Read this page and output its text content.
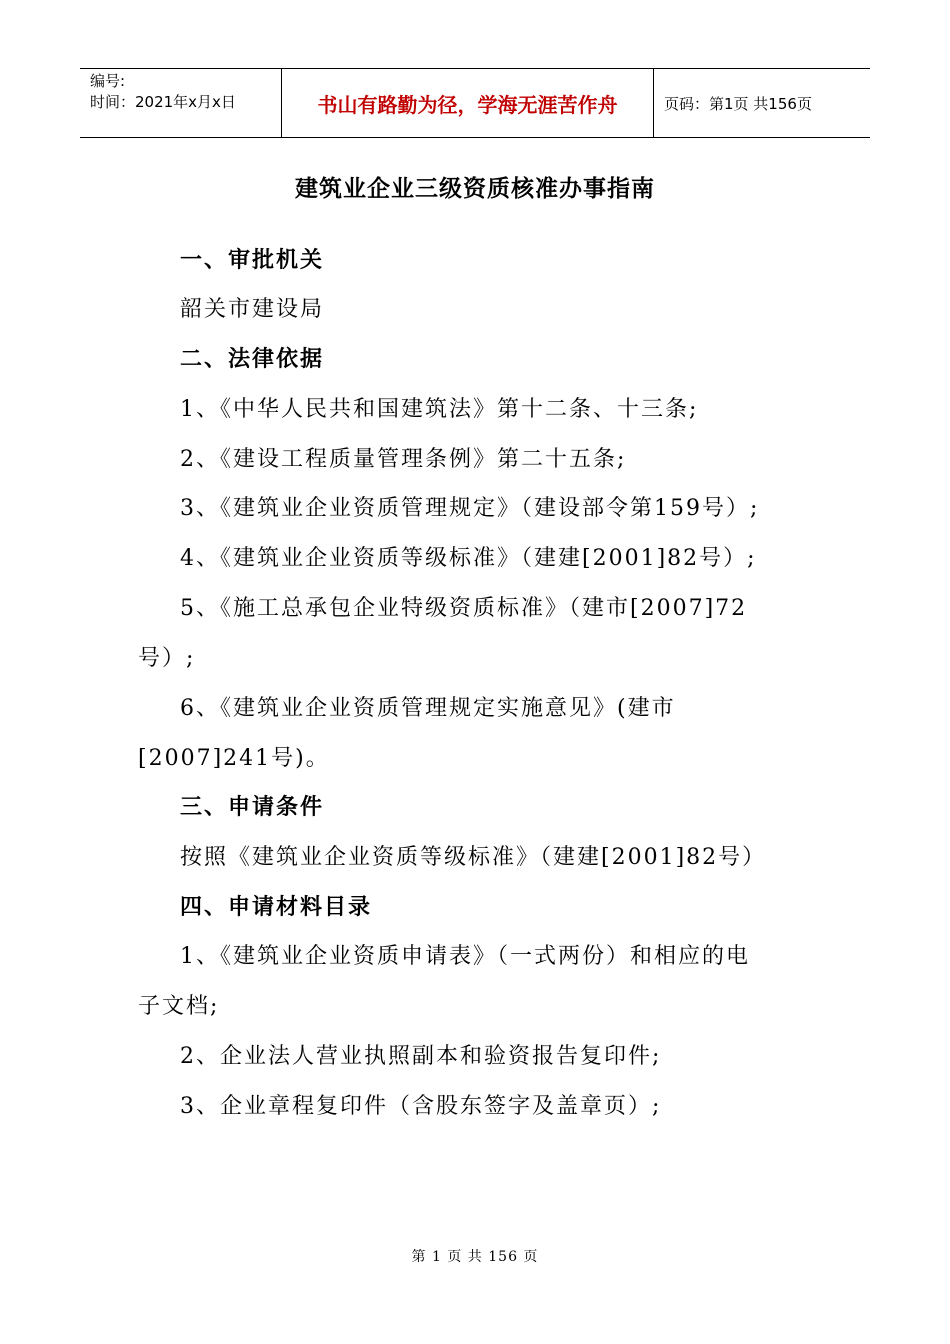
编号:
时间：2021年x月x日	书山有路勤为径，学海无涯苦作舟	页码：第1页 共156页
建筑业企业三级资质核准办事指南
一、审批机关
韶关市建设局
二、法律依据
1、《中华人民共和国建筑法》第十二条、十三条;
2、《建设工程质量管理条例》第二十五条;
3、《建筑业企业资质管理规定》（建设部令第159号）;
4、《建筑业企业资质等级标准》（建建[2001]82号）;
5、《施工总承包企业特级资质标准》（建市[2007]72
号）;
6、《建筑业企业资质管理规定实施意见》(建市
[2007]241号)。
三、申请条件
按照《建筑业企业资质等级标准》（建建[2001]82号）
四、申请材料目录
1、《建筑业企业资质申请表》（一式两份）和相应的电
子文档;
2、企业法人营业执照副本和验资报告复印件;
3、企业章程复印件（含股东签字及盖章页）;
第 1 页 共 156 页
